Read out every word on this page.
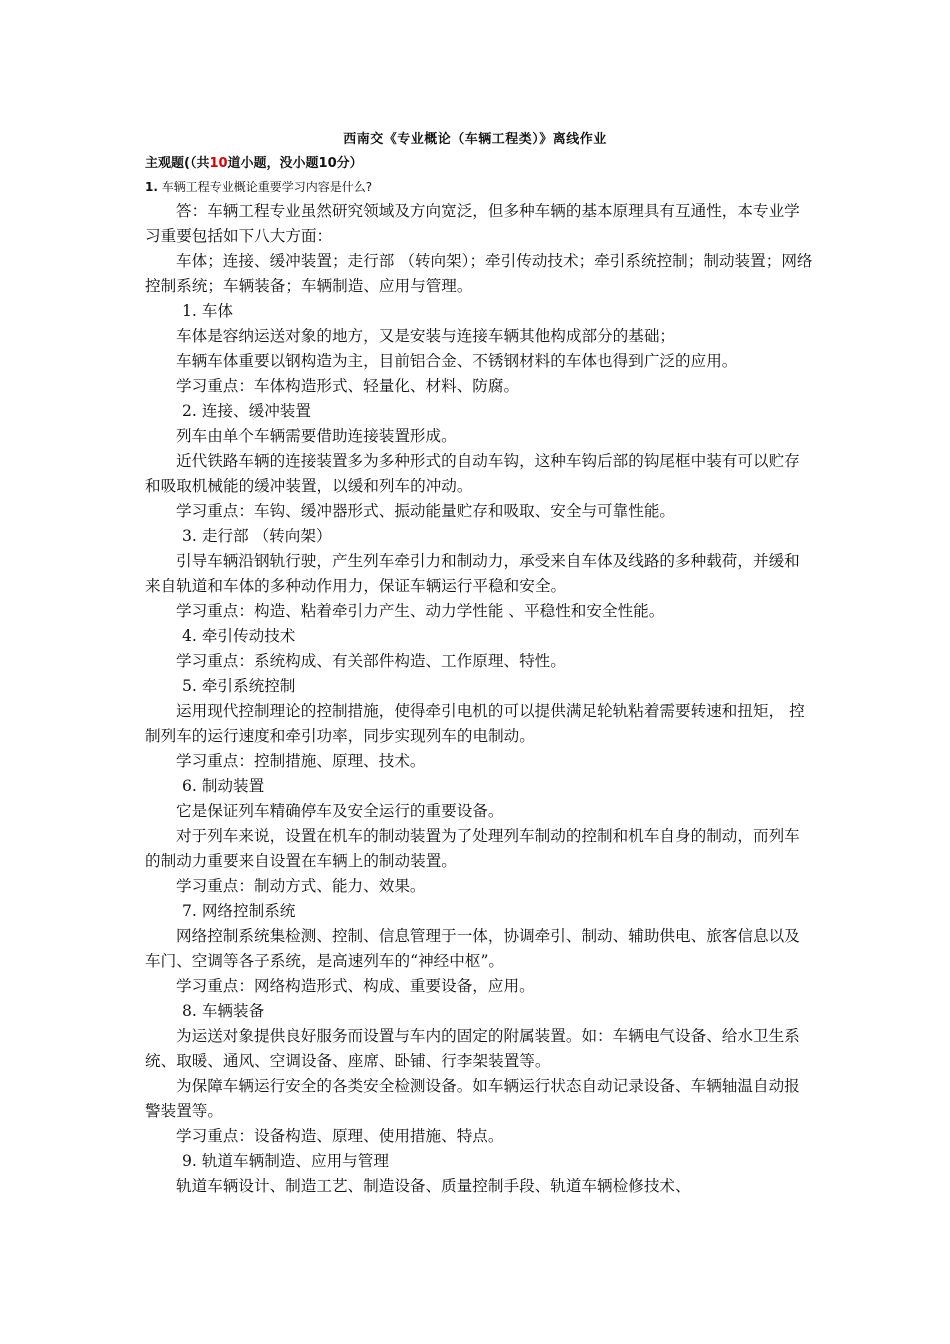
西南交《专业概论（车辆工程类）》离线作业
主观题(（共10道小题，没小题10分）
1. 车辆工程专业概论重要学习内容是什么?

答：车辆工程专业虽然研究领域及方向宽泛，但多种车辆的基本原理具有互通性，本专业学习重要包括如下八大方面：

车体；连接、缓冲装置；走行部 （转向架）；牵引传动技术；牵引系统控制；制动装置；网络控制系统；车辆装备；车辆制造、应用与管理。

1. 车体

车体是容纳运送对象的地方，又是安装与连接车辆其他构成部分的基础；

车辆车体重要以钢构造为主，目前铝合金、不锈钢材料的车体也得到广泛的应用。

学习重点：车体构造形式、轻量化、材料、防腐。

2. 连接、缓冲装置

列车由单个车辆需要借助连接装置形成。

近代铁路车辆的连接装置多为多种形式的自动车钩，这种车钩后部的钩尾框中装有可以贮存和吸取机械能的缓冲装置，以缓和列车的冲动。

学习重点：车钩、缓冲器形式、振动能量贮存和吸取、安全与可靠性能。

3. 走行部 （转向架）

引导车辆沿钢轨行驶，产生列车牵引力和制动力，承受来自车体及线路的多种载荷，并缓和来自轨道和车体的多种动作用力，保证车辆运行平稳和安全。

学习重点：构造、粘着牵引力产生、动力学性能 、平稳性和安全性能。

4. 牵引传动技术

学习重点：系统构成、有关部件构造、工作原理、特性。

5. 牵引系统控制

运用现代控制理论的控制措施，使得牵引电机的可以提供满足轮轨粘着需要转速和扭矩， 控制列车的运行速度和牵引功率，同步实现列车的电制动。

学习重点：控制措施、原理、技术。

6. 制动装置

它是保证列车精确停车及安全运行的重要设备。

对于列车来说，设置在机车的制动装置为了处理列车制动的控制和机车自身的制动，而列车的制动力重要来自设置在车辆上的制动装置。

学习重点：制动方式、能力、效果。

7. 网络控制系统

网络控制系统集检测、控制、信息管理于一体，协调牵引、制动、辅助供电、旅客信息以及车门、空调等各子系统，是高速列车的“神经中枢”。

学习重点：网络构造形式、构成、重要设备，应用。

8. 车辆装备

为运送对象提供良好服务而设置与车内的固定的附属装置。如：车辆电气设备、给水卫生系统、取暖、通风、空调设备、座席、卧铺、行李架装置等。

为保障车辆运行安全的各类安全检测设备。如车辆运行状态自动记录设备、车辆轴温自动报警装置等。

学习重点：设备构造、原理、使用措施、特点。

9. 轨道车辆制造、应用与管理

轨道车辆设计、制造工艺、制造设备、质量控制手段、轨道车辆检修技术、
